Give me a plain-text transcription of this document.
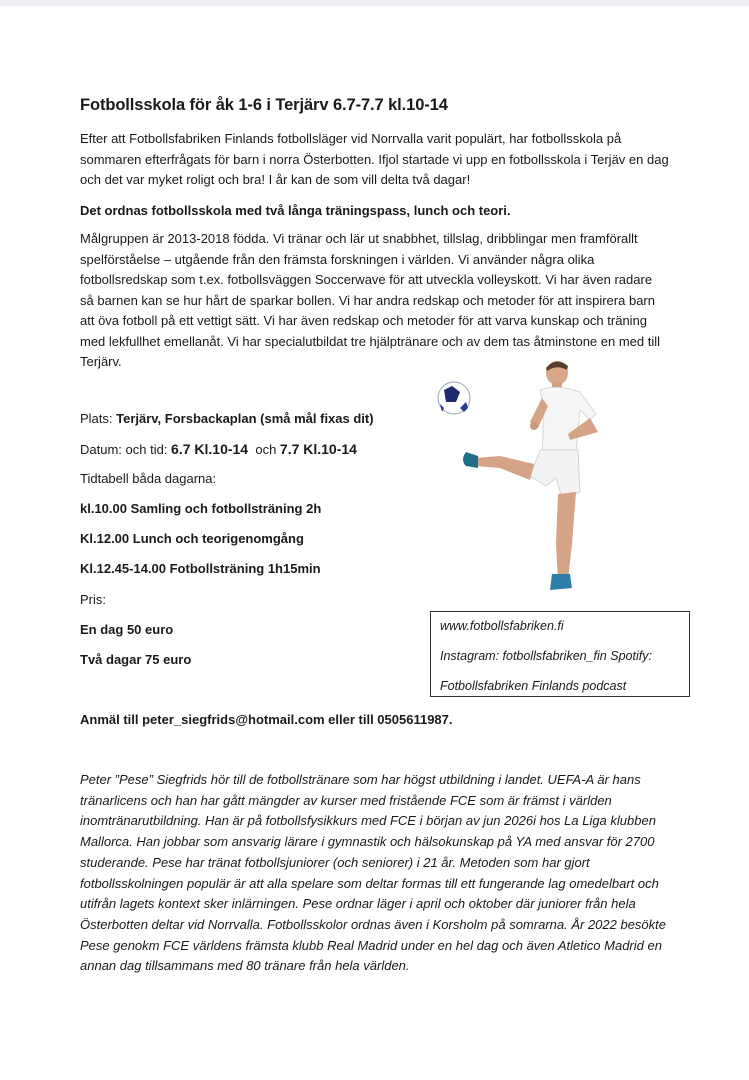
Fotbollsskola för åk 1-6 i Terjärv 6.7-7.7 kl.10-14

Efter att Fotbollsfabriken Finlands fotbollsläger vid Norrvalla varit populärt, har fotbollsskola på sommaren efterfrågats för barn i norra Österbotten. Ifjol startade vi upp en fotbollsskola i Terjäv en dag och det var myket roligt och bra! I år kan de som vill delta två dagar!

Det ordnas fotbollsskola med två långa träningspass, lunch och teori.

Målgruppen är 2013-2018 födda. Vi tränar och lär ut snabbhet, tillslag, dribblingar men framförallt spelförståelse – utgående från den främsta forskningen i världen. Vi använder några olika fotbollsredskap som t.ex. fotbollsväggen Soccerwave för att utveckla volleyskott. Vi har även radare så barnen kan se hur hårt de sparkar bollen. Vi har andra redskap och metoder för att inspirera barn att öva fotboll på ett vettigt sätt. Vi har även redskap och metoder för att varva kunskap och träning med lekfullhet emellanåt. Vi har specialutbildat tre hjälptränare och av dem tas åtminstone en med till Terjärv.

Plats: Terjärv, Forsbackaplan (små mål fixas dit)

Datum: och tid: 6.7 Kl.10-14  och 7.7 Kl.10-14

Tidtabell båda dagarna:

kl.10.00 Samling och fotbollsträning 2h

Kl.12.00 Lunch och teorigenomgång

Kl.12.45-14.00 Fotbollsträning 1h15min

Pris:

En dag 50 euro

Två dagar 75 euro

www.fotbollsfabriken.fi

Instagram: fotbollsfabriken_fin Spotify:

Fotbollsfabriken Finlands podcast

Anmäl till peter_siegfrids@hotmail.com eller till 0505611987.

Peter ”Pese” Siegfrids hör till de fotbollstränare som har högst utbildning i landet. UEFA-A är hans tränarlicens och han har gått mängder av kurser med fristående FCE som är främst i världen inomtränarutbildning. Han är på fotbollsfysikkurs med FCE i början av jun 2026i hos La Liga klubben Mallorca. Han jobbar som ansvarig lärare i gymnastik och hälsokunskap på YA med ansvar för 2700 studerande. Pese har tränat fotbollsjuniorer (och seniorer) i 21 år. Metoden som har gjort fotbollsskolningen populär är att alla spelare som deltar formas till ett fungerande lag omedelbart och utifrån lagets kontext sker inlärningen. Pese ordnar läger i april och oktober där juniorer från hela Österbotten deltar vid Norrvalla. Fotbollsskolor ordnas även i Korsholm på somrarna. År 2022 besökte Pese genokm FCE världens främsta klubb Real Madrid under en hel dag och även Atletico Madrid en annan dag tillsammans med 80 tränare från hela världen.
